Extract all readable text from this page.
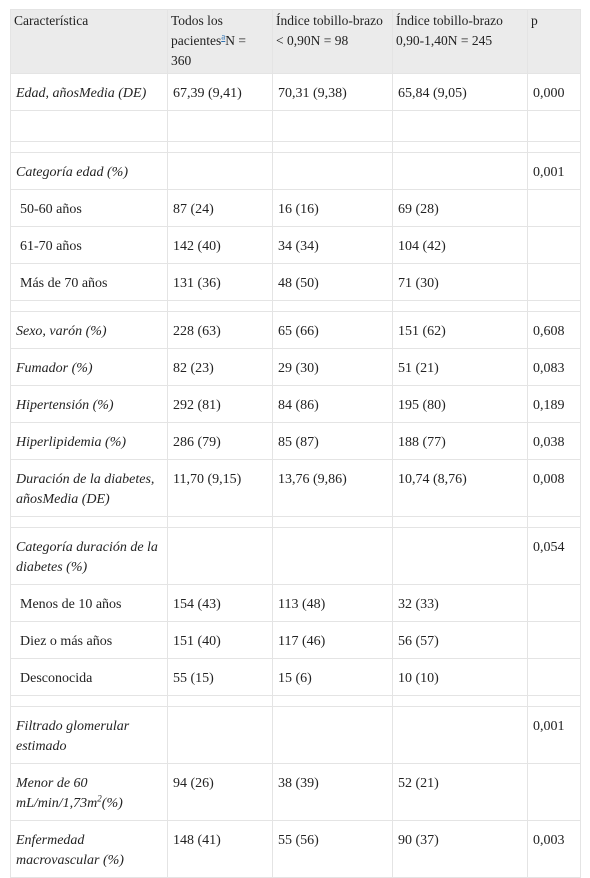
Característica	Todos los pacientes$^a$N = 360	Índice tobillo-brazo < 0,90N = 98	Índice tobillo-brazo 0,90-1,40N = 245	p
Edad, añosMedia (DE)	67,39 (9,41)	70,31 (9,38)	65,84 (9,05)	0,000

Categoría edad (%)				0,001
50-60 años	87 (24)	16 (16)	69 (28)	
61-70 años	142 (40)	34 (34)	104 (42)	
Más de 70 años	131 (36)	48 (50)	71 (30)	

Sexo, varón (%)	228 (63)	65 (66)	151 (62)	0,608
Fumador (%)	82 (23)	29 (30)	51 (21)	0,083
Hipertensión (%)	292 (81)	84 (86)	195 (80)	0,189
Hiperlipidemia (%)	286 (79)	85 (87)	188 (77)	0,038
Duración de la diabetes, añosMedia (DE)	11,70 (9,15)	13,76 (9,86)	10,74 (8,76)	0,008

Categoría duración de la diabetes (%)				0,054
Menos de 10 años	154 (43)	113 (48)	32 (33)	
Diez o más años	151 (40)	117 (46)	56 (57)	
Desconocida	55 (15)	15 (6)	10 (10)	

Filtrado glomerular estimado				0,001
Menor de 60 $mL/\min/1,73m^2(\%)$	94 (26)	38 (39)	52 (21)	
Enfermedad macrovascular (%)	148 (41)	55 (56)	90 (37)	0,003
